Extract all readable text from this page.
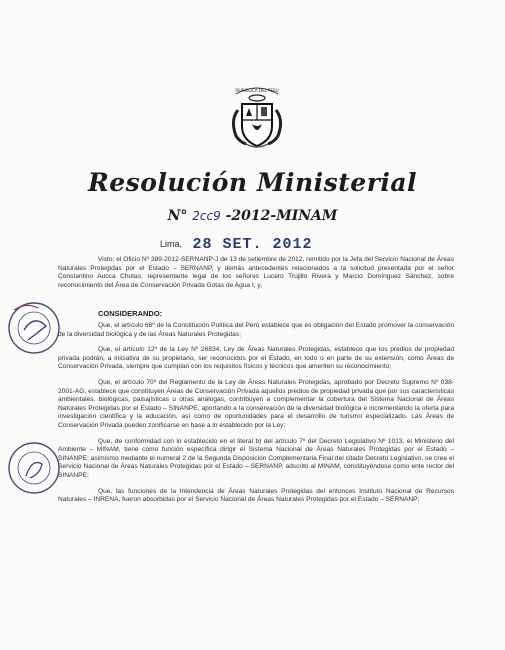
REPUBLICA DEL PERU
Resolución Ministerial
N° 2cc9 -2012-MINAM
Lima, 28 SET. 2012

Visto; el Oficio Nº 389-2012-SERNANP-J de 13 de setiembre de 2012, remitido por la Jefa del Servicio Nacional de Áreas Naturales Protegidas por el Estado – SERNANP, y demás antecedentes relacionados a la solicitud presentada por el señor Constantino Aucca Chutas, representante legal de los señores Lucero Trujillo Rivera y Marcio Domínguez Sánchez, sobre reconocimiento del Área de Conservación Privada Gotas de Agua I; y,

CONSIDERANDO:

Que, el artículo 68º de la Constitución Política del Perú establece que es obligación del Estado promover la conservación de la diversidad biológica y de las Áreas Naturales Protegidas;

Que, el artículo 12º de la Ley Nº 26834, Ley de Áreas Naturales Protegidas, establece que los predios de propiedad privada podrán, a iniciativa de su propietario, ser reconocidos por el Estado, en todo o en parte de su extensión, como Áreas de Conservación Privada, siempre que cumplan con los requisitos físicos y técnicos que ameriten su reconocimiento;

Que, el artículo 70º del Reglamento de la Ley de Áreas Naturales Protegidas, aprobado por Decreto Supremo Nº 038-2001-AG, establece que constituyen Áreas de Conservación Privada aquellos predios de propiedad privada que por sus características ambientales, biológicas, paisajísticas u otras análogas, contribuyen a complementar la cobertura del Sistema Nacional de Áreas Naturales Protegidas por el Estado – SINANPE, aportando a la conservación de la diversidad biológica e incrementando la oferta para investigación científica y la educación, así como de oportunidades para el desarrollo de turismo especializado. Las Áreas de Conservación Privada pueden zonificarse en base a lo establecido por la Ley;

Que, de conformidad con lo establecido en el literal b) del artículo 7º del Decreto Legislativo Nº 1013, el Ministerio del Ambiente – MINAM, tiene como función específica dirigir el Sistema Nacional de Áreas Naturales Protegidas por el Estado – SINANPE; asimismo mediante el numeral 2 de la Segunda Disposición Complementaria Final del citado Decreto Legislativo, se crea el Servicio Nacional de Áreas Naturales Protegidas por el Estado – SERNANP, adscrito al MINAM, constituyéndose como ente rector del SINANPE;

Que, las funciones de la Intendencia de Áreas Naturales Protegidas del entonces Instituto Nacional de Recursos Naturales – INRENA, fueron absorbidas por el Servicio Nacional de Áreas Naturales Protegidas por el Estado – SERNANP;
